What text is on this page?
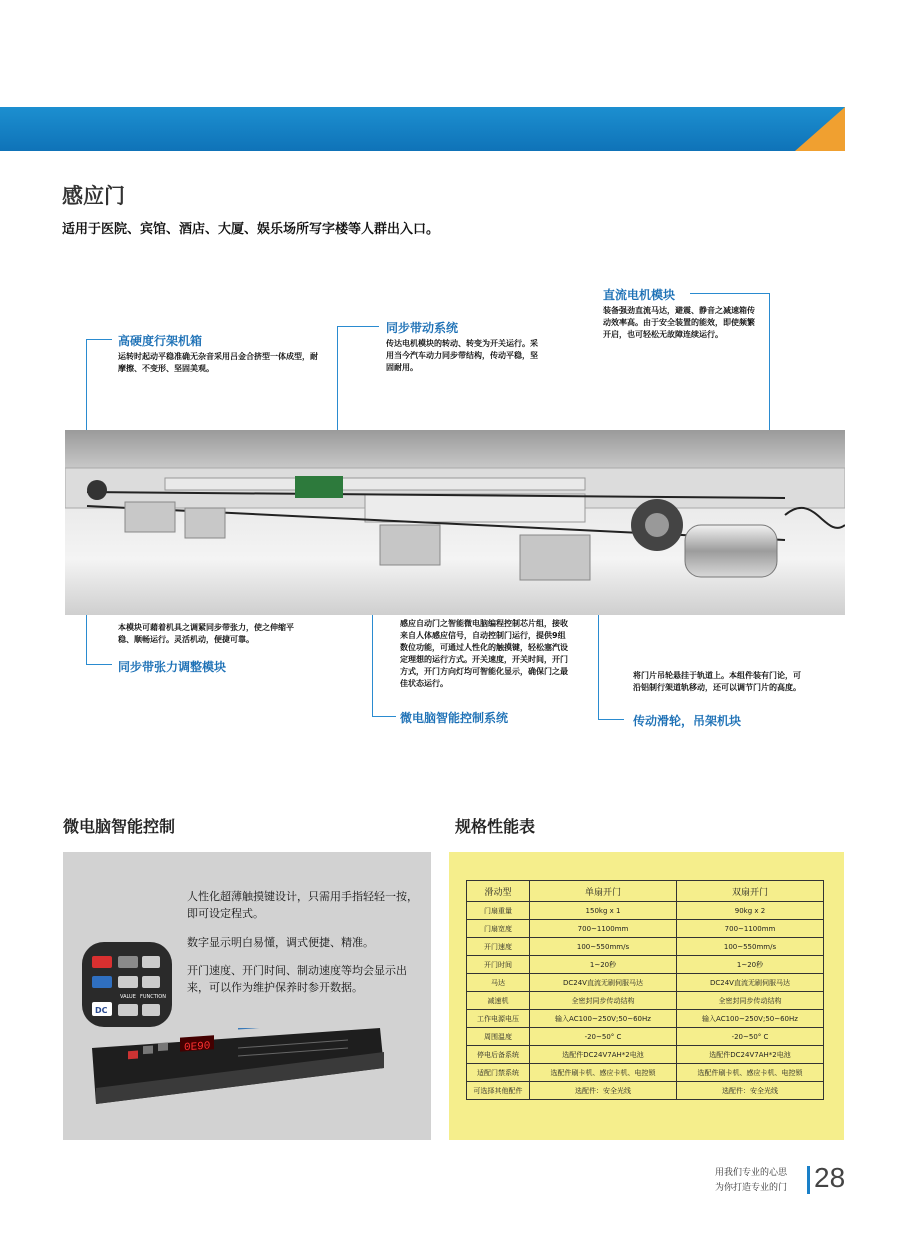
感应门
适用于医院、宾馆、酒店、大厦、娱乐场所写字楼等人群出入口。
高硬度行架机箱
运转时起动平稳准确无杂音采用吕金合挤型一体成型，耐摩擦、不变形、坚固美观。
同步带动系统
传达电机模块的转动、转变为开关运行。采用当今汽车动力同步带结构，传动平稳，坚固耐用。
直流电机模块
装备强劲直流马达，避震、静音之减速箱传动效率高。由于安全装置的能效，即使频繁开启，也可轻松无故障连续运行。
本模块可藉着机具之调紧同步带张力，使之伸缩平稳、顺畅运行。灵活机动，便捷可靠。
同步带张力调整模块
感应自动门之智能微电脑编程控制芯片组，接收来自人体感应信号，自动控制门运行，提供9组数位功能，可通过人性化的触摸键，轻松塞汽设定理想的运行方式。开关速度，开关时间，开门方式，开门方向灯均可智能化显示，确保门之最佳状态运行。
微电脑智能控制系统
将门片吊轮悬挂于轨道上。本组件装有门论，可沿铝制行架道轨移动，还可以调节门片的高度。
传动滑轮，吊架机块
微电脑智能控制	规格性能表
人性化超薄触摸键设计，只需用手指轻轻一按，即可设定程式。
数字显示明白易懂，调式便捷、精准。
开门速度、开门时间、制动速度等均会显示出来，可以作为维护保养时参开数据。
VALUE FUNCTION
DC
0E90
滑动型	单扇开门	双扇开门
门扇重量	150kg x 1	90kg x 2
门扇宽度	700~1100mm	700~1100mm
开门速度	100~550mm/s	100~550mm/s
开门时间	1~20秒	1~20秒
马达	DC24V直流无刷伺服马达	DC24V直流无刷伺服马达
减速机	全密封同步传动结构	全密封同步传动结构
工作电源电压	输入AC100~250V;50~60Hz	输入AC100~250V;50~60Hz
周围温度	-20~50° C	-20~50° C
停电后备系统	选配件DC24V7AH*2电池	选配件DC24V7AH*2电池
适配门禁系统	选配件刷卡机、感应卡机、电控锁	选配件刷卡机、感应卡机、电控锁
可选择其他配件	选配件：安全光线	选配件：安全光线
用我们专业的心思
为你打造专业的门 28
